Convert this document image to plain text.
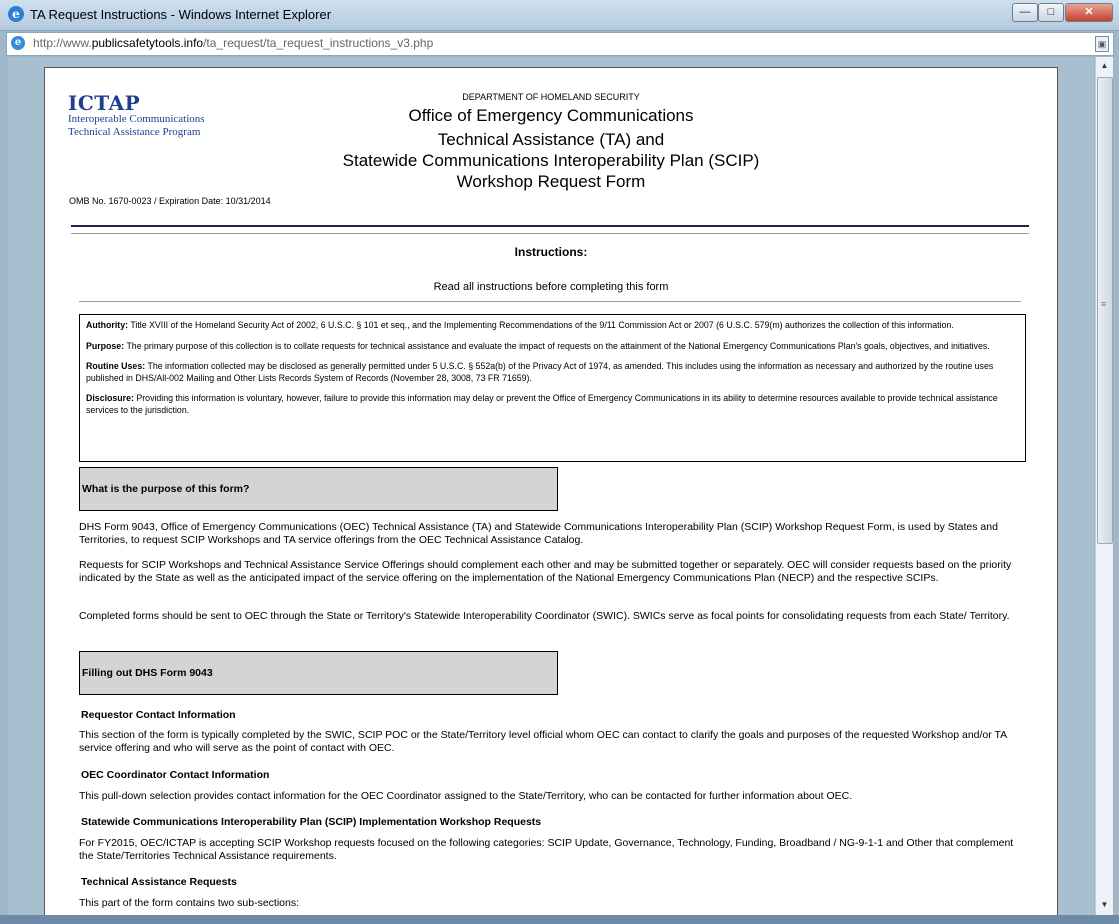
e TA Request Instructions - Windows Internet Explorer	—	□	✕
e http://www.publicsafetytools.info/ta_request/ta_request_instructions_v3.php	▣
ICTAP
Interoperable Communications
Technical Assistance Program
DEPARTMENT OF HOMELAND SECURITY
Office of Emergency Communications
Technical Assistance (TA) and
Statewide Communications Interoperability Plan (SCIP)
Workshop Request Form
OMB No. 1670-0023 / Expiration Date: 10/31/2014
Instructions:
Read all instructions before completing this form

Authority: Title XVIII of the Homeland Security Act of 2002, 6 U.S.C. § 101 et seq., and the Implementing Recommendations of the 9/11 Commission Act or 2007 (6 U.S.C. 579(m) authorizes the collection of this information.

Purpose: The primary purpose of this collection is to collate requests for technical assistance and evaluate the impact of requests on the attainment of the National Emergency Communications Plan's goals, objectives, and initiatives.

Routine Uses: The information collected may be disclosed as generally permitted under 5 U.S.C. § 552a(b) of the Privacy Act of 1974, as amended. This includes using the information as necessary and authorized by the routine uses published in DHS/All-002 Mailing and Other Lists Records System of Records (November 28, 3008, 73 FR 71659).

Disclosure: Providing this information is voluntary, however, failure to provide this information may delay or prevent the Office of Emergency Communications in its ability to determine resources available to provide technical assistance services to the jurisdiction.

What is the purpose of this form?
DHS Form 9043, Office of Emergency Communications (OEC) Technical Assistance (TA) and Statewide Communications Interoperability Plan (SCIP) Workshop Request Form, is used by States and Territories, to request SCIP Workshops and TA service offerings from the OEC Technical Assistance Catalog.
Requests for SCIP Workshops and Technical Assistance Service Offerings should complement each other and may be submitted together or separately. OEC will consider requests based on the priority indicated by the State as well as the anticipated impact of the service offering on the implementation of the National Emergency Communications Plan (NECP) and the respective SCIPs.
Completed forms should be sent to OEC through the State or Territory's Statewide Interoperability Coordinator (SWIC). SWICs serve as focal points for consolidating requests from each State/ Territory.
Filling out DHS Form 9043
Requestor Contact Information
This section of the form is typically completed by the SWIC, SCIP POC or the State/Territory level official whom OEC can contact to clarify the goals and purposes of the requested Workshop and/or TA service offering and who will serve as the point of contact with OEC.
OEC Coordinator Contact Information
This pull-down selection provides contact information for the OEC Coordinator assigned to the State/Territory, who can be contacted for further information about OEC.
Statewide Communications Interoperability Plan (SCIP) Implementation Workshop Requests
For FY2015, OEC/ICTAP is accepting SCIP Workshop requests focused on the following categories: SCIP Update, Governance, Technology, Funding, Broadband / NG-9-1-1 and Other that complement the State/Territories Technical Assistance requirements.
Technical Assistance Requests
This part of the form contains two sub-sections:
▲
≡
▼
